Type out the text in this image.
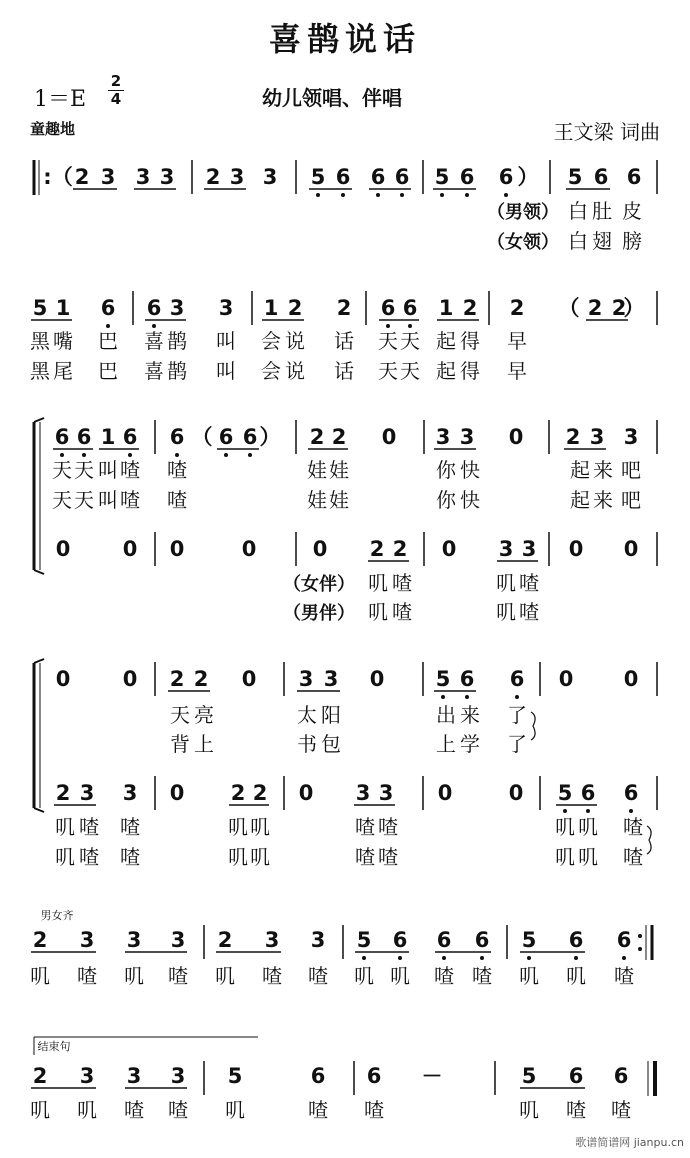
喜鹊说话
1＝E
2
4	幼儿领唱、伴唱
童趣地	王文梁 词曲
歌谱简谱网 jianpu.cn
:（ 2 3 3 3 2 3 3 5 6 6 6 5 6 6 ） 5 6 6
（男领） 白 肚 皮
（女领） 白 翅 膀
5 1 6 6 3 3 1 2 2 6 6 1 2 2 （ 2 2
）
黑 嘴 巴 喜 鹊 叫 会 说 话 天 天 起 得 早
黑 尾 巴 喜 鹊 叫 会 说 话 天 天 起 得 早
6 6 1 6 6 （ 6 6 ） 2 2 0 3 3 0 2 3 3
天 天 叫 喳 喳	娃 娃	你 快	起 来 吧
天 天 叫 喳 喳	娃 娃	你 快	起 来 吧
0 0 0	0	0 2 2 0 3 3 0 0
（女伴） 叽 喳	叽 喳
（男伴） 叽 喳	叽 喳
0 0 2 2 0 3 3 0 5 6 6 0 0
天 亮	太 阳	出 来 了
背 上	书 包	上 学 了
2 3 3 0 2 2 0 3 3 0	0 5 6 6
叽 喳 喳	叽 叽	喳 喳	叽 叽 喳
叽 喳 喳	叽 叽	喳 喳	叽 叽 喳
男女齐
2 3 3 3 2 3 3 5 6 6 6 5 6 6
叽 喳 叽 喳 叽 喳 喳 叽 叽 喳 喳 叽 叽 喳
结束句
2 3 3 3 5	6 6 －	5 6 6
叽 叽 喳 喳 叽	喳 喳	叽 喳 喳
